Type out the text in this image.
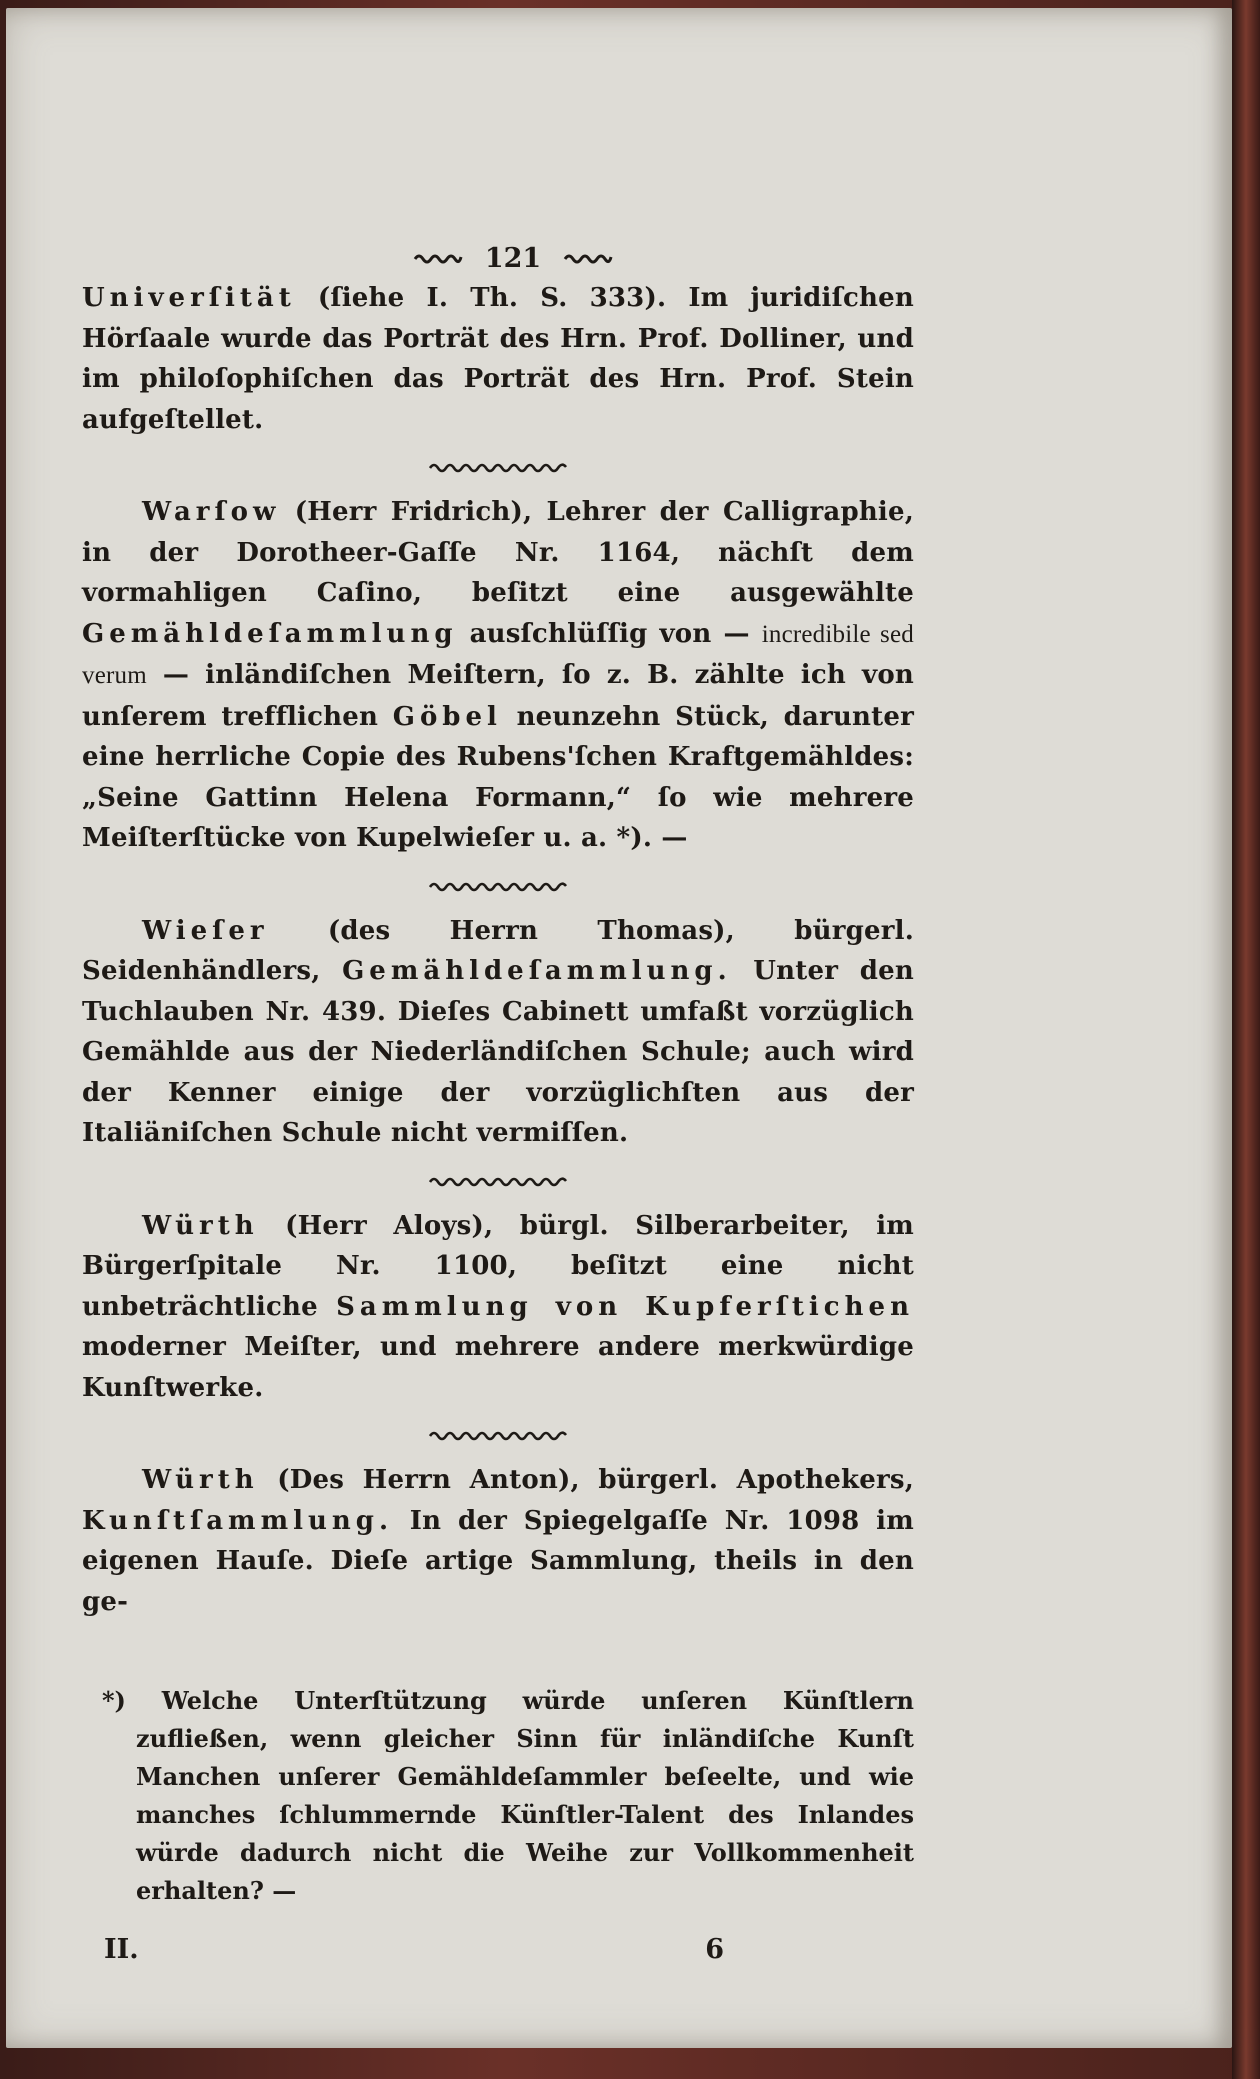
121

Univerſität (ſiehe I. Th. S. 333). Im juridiſchen Hörſaale wurde das Porträt des Hrn. Prof. Dolliner, und im philoſophiſchen das Porträt des Hrn. Prof. Stein aufgeſtellet.

Warſow (Herr Fridrich), Lehrer der Calligraphie, in der Dorotheer-Gaſſe Nr. 1164, nächſt dem vormahligen Caſino, beſitzt eine ausgewählte Gemähldeſammlung ausſchlüſſig von — incredibile sed verum — inländiſchen Meiſtern, ſo z. B. zählte ich von unſerem trefflichen Göbel neunzehn Stück, darunter eine herrliche Copie des Rubens'ſchen Kraftgemähldes: „Seine Gattinn Helena Formann,“ ſo wie mehrere Meiſterſtücke von Kupelwieſer u. a. *). —

Wieſer (des Herrn Thomas), bürgerl. Seidenhändlers, Gemähldeſammlung. Unter den Tuchlauben Nr. 439. Dieſes Cabinett umfaßt vorzüglich Gemählde aus der Niederländiſchen Schule; auch wird der Kenner einige der vorzüglichſten aus der Italiäniſchen Schule nicht vermiſſen.

Würth (Herr Aloys), bürgl. Silberarbeiter, im Bürgerſpitale Nr. 1100, beſitzt eine nicht unbeträchtliche Sammlung von Kupferſtichen moderner Meiſter, und mehrere andere merkwürdige Kunſtwerke.

Würth (Des Herrn Anton), bürgerl. Apothekers, Kunſtſammlung. In der Spiegelgaſſe Nr. 1098 im eigenen Hauſe. Dieſe artige Sammlung, theils in den ge-

*) Welche Unterſtützung würde unſeren Künſtlern zufließen, wenn gleicher Sinn für inländiſche Kunſt Manchen unſerer Gemähldeſammler beſeelte, und wie manches ſchlummernde Künſtler-Talent des Inlandes würde dadurch nicht die Weihe zur Vollkommenheit erhalten? —

II.	6
